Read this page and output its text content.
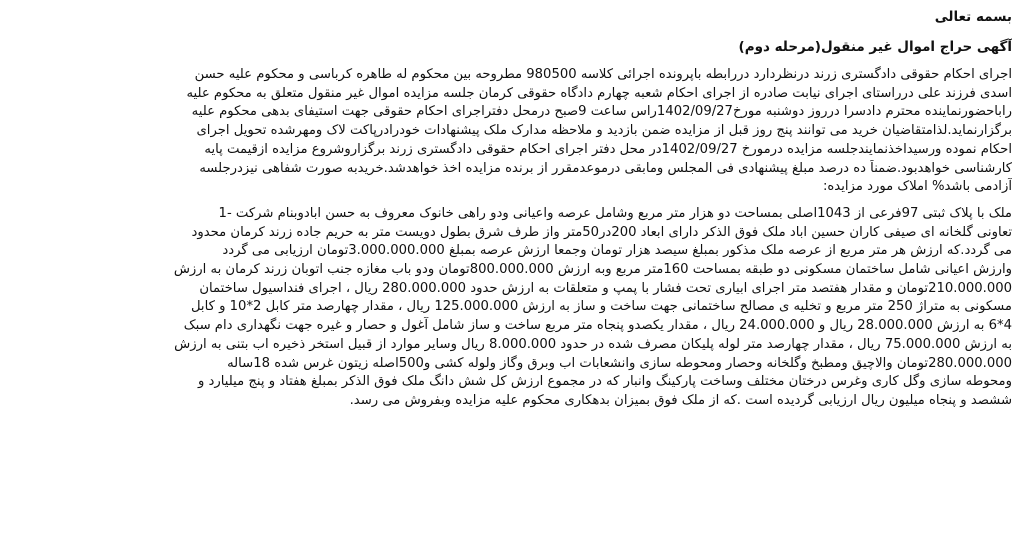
بسمه تعالی
آگهی حراج اموال غیر منقول(مرحله دوم)
اجرای احکام حقوقی دادگستری زرند درنظردارد دررابطه باپرونده اجرائی کلاسه 980500 مطروحه بین محکوم له طاهره کرباسی و محکوم علیه حسن
اسدی فرزند علی درراستای اجرای نیابت صادره از اجرای احکام شعبه چهارم دادگاه حقوقی کرمان جلسه مزایده اموال غیر منقول متعلق به محکوم علیه
راباحضورنماینده محترم دادسرا درروز دوشنبه مورخ1402/09/27راس ساعت 9صبح درمحل دفتراجرای احکام حقوقی جهت استیفای بدهی محکوم علیه
برگزارنماید.لذامتقاضیان خرید می توانند پنج روز قبل از مزایده ضمن بازدید و ملاحظه مدارک ملک پیشنهادات خودرادرپاکت لاک ومهرشده تحویل اجرای
احکام نموده ورسیداخذنمایندجلسه مزایده درمورخ 1402/09/27در محل دفتر اجرای احکام حقوقی دادگستری زرند برگزاروشروع مزایده ازقیمت پایه
کارشناسی خواهدبود.ضمناً ده درصد مبلغ پیشنهادی فی المجلس ومابقی درموعدمقرر از برنده مزایده اخذ خواهدشد.خریدبه صورت شفاهی نیزدرجلسه
آزادمی باشد% املاک مورد مزایده:
ملک با پلاک ثبتی 97فرعی از 1043اصلی بمساحت دو هزار متر مربع وشامل عرصه واعیانی ودو راهی خانوک معروف به حسن ابادوبنام شرکت -1
تعاونی گلخانه ای صیفی کاران حسین اباد ملک فوق الذکر دارای ابعاد 200در50متر واز طرف شرق بطول دویست متر به حریم جاده زرند کرمان محدود
می گردد.که ارزش هر متر مربع از عرصه ملک مذکور بمبلغ سیصد هزار تومان وجمعا ارزش عرصه بمبلغ 3.000.000.000تومان ارزیابی می گردد
وارزش اعیانی شامل ساختمان مسکونی دو طبقه بمساحت 160متر مربع وبه ارزش 800.000.000تومان ودو باب مغازه جنب اتوبان زرند کرمان به ارزش
210.000.000تومان و مقدار هفتصد متر اجرای ابیاری تحت فشار با پمپ و متعلقات به ارزش حدود 280.000.000 ریال ، اجرای فنداسیول ساختمان
مسکونی به متراژ 250 متر مربع و تخلیه ی مصالح ساختمانی جهت ساخت و ساز به ارزش 125.000.000 ریال ، مقدار چهارصد متر کابل 2*10 و کابل
4*6 به ارزش 28.000.000 ریال و 24.000.000 ریال ، مقدار یکصدو پنجاه متر مربع ساخت و ساز شامل آغول و حصار و غیره جهت نگهداری دام سبک
به ارزش 75.000.000 ریال ، مقدار چهارصد متر لوله پلیکان مصرف شده در حدود 8.000.000 ریال وسایر موارد از قبیل استخر ذخیره اب بتنی به ارزش
280.000.000تومان والاچیق ومطبخ وگلخانه وحصار ومحوطه سازی وانشعابات اب وبرق وگاز ولوله کشی و500اصله زیتون غرس شده 18ساله
ومحوطه سازی وگل کاری وغرس درختان مختلف وساخت پارکینگ وانبار که در مجموع ارزش کل شش دانگ ملک فوق الذکر بمبلغ هفتاد و پنج میلیارد و
ششصد و پنجاه میلیون ریال ارزیابی گردیده است .که از ملک فوق بمیزان بدهکاری محکوم علیه مزایده وبفروش می رسد.
